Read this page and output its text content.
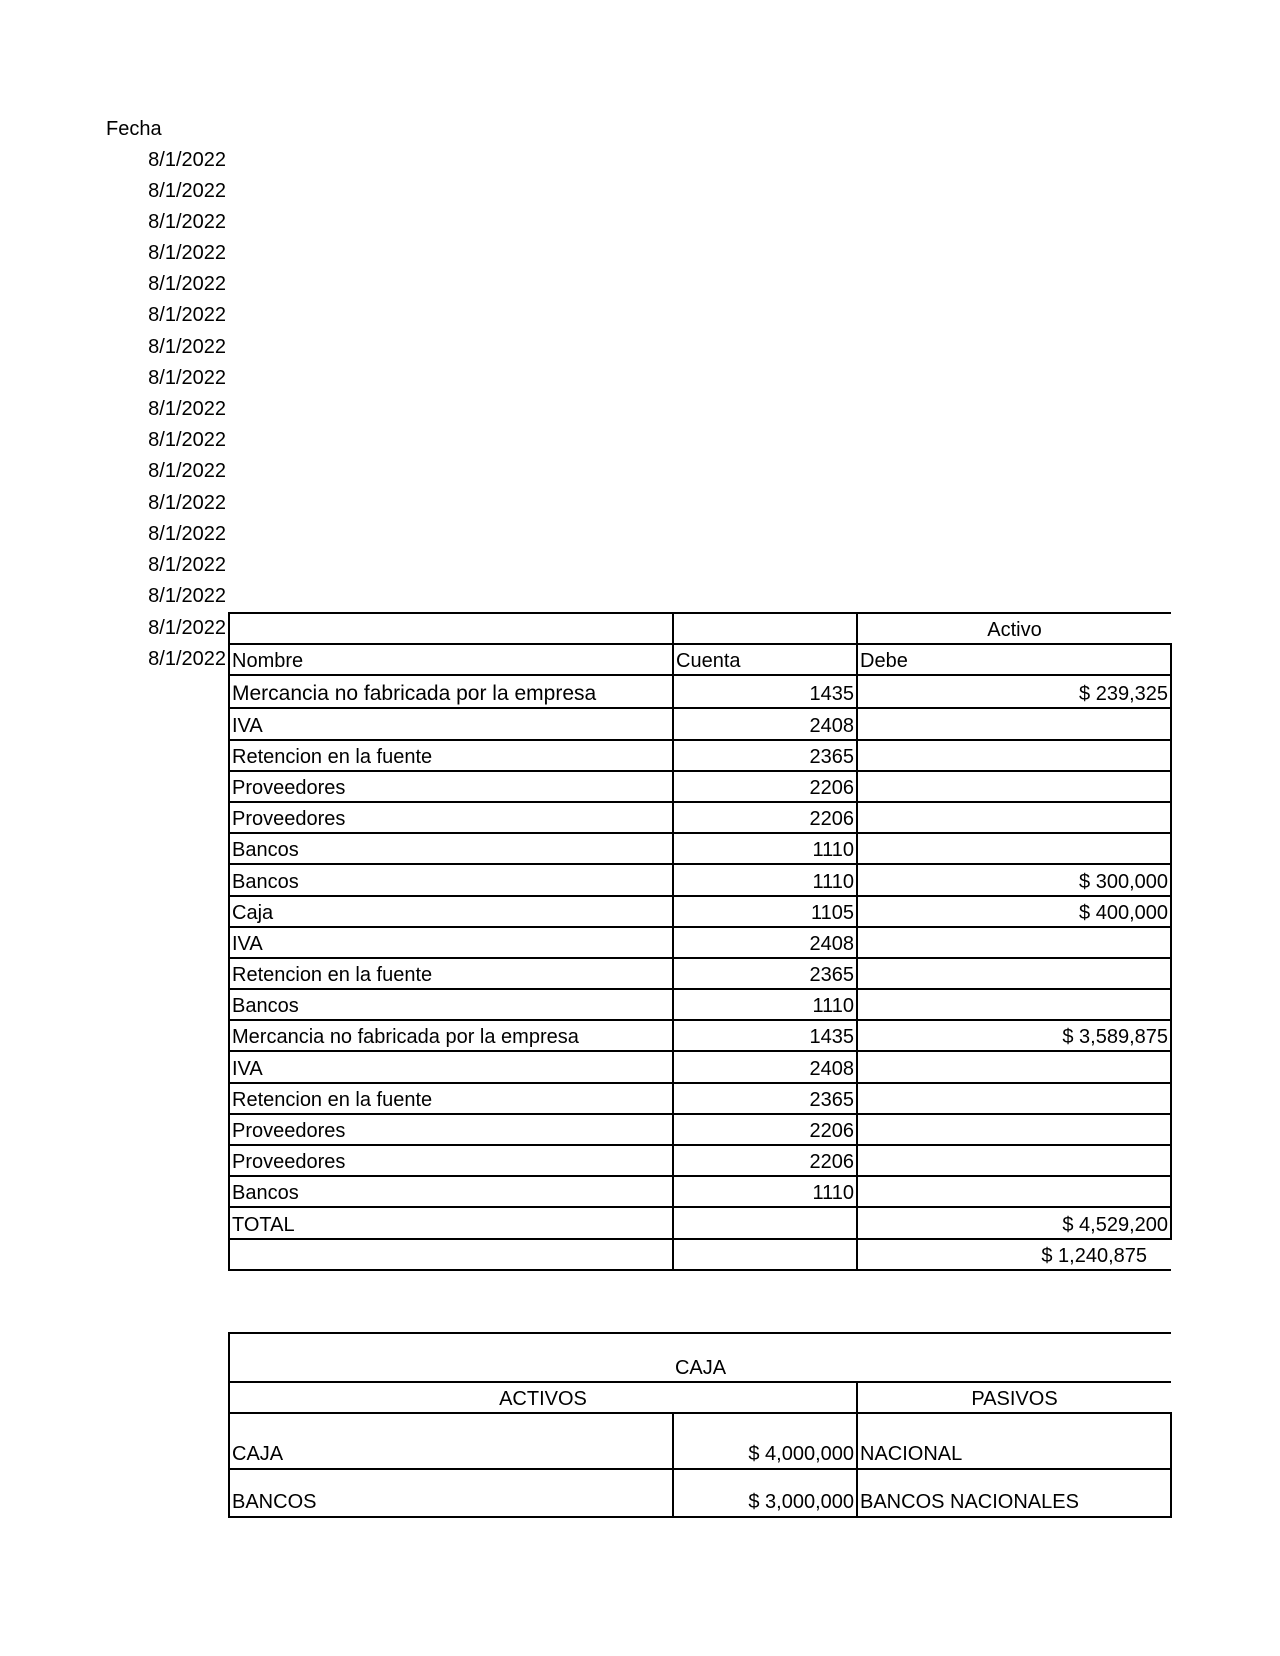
Fecha
8/1/2022
8/1/2022
8/1/2022
8/1/2022
8/1/2022
8/1/2022
8/1/2022
8/1/2022
8/1/2022
8/1/2022
8/1/2022
8/1/2022
8/1/2022
8/1/2022
8/1/2022
8/1/2022
8/1/2022
		Activo
Nombre	Cuenta	Debe
Mercancia no fabricada por la empresa	1435	$ 239,325
IVA	2408	
Retencion en la fuente	2365	
Proveedores	2206	
Proveedores	2206	
Bancos	1110	
Bancos	1110	$ 300,000
Caja	1105	$ 400,000
IVA	2408	
Retencion en la fuente	2365	
Bancos	1110	
Mercancia no fabricada por la empresa	1435	$ 3,589,875
IVA	2408	
Retencion en la fuente	2365	
Proveedores	2206	
Proveedores	2206	
Bancos	1110	
TOTAL		$ 4,529,200
		$ 1,240,875
CAJA		
ACTIVOS		PASIVOS
CAJA	$ 4,000,000	NACIONAL
BANCOS	$ 3,000,000	BANCOS NACIONALES
